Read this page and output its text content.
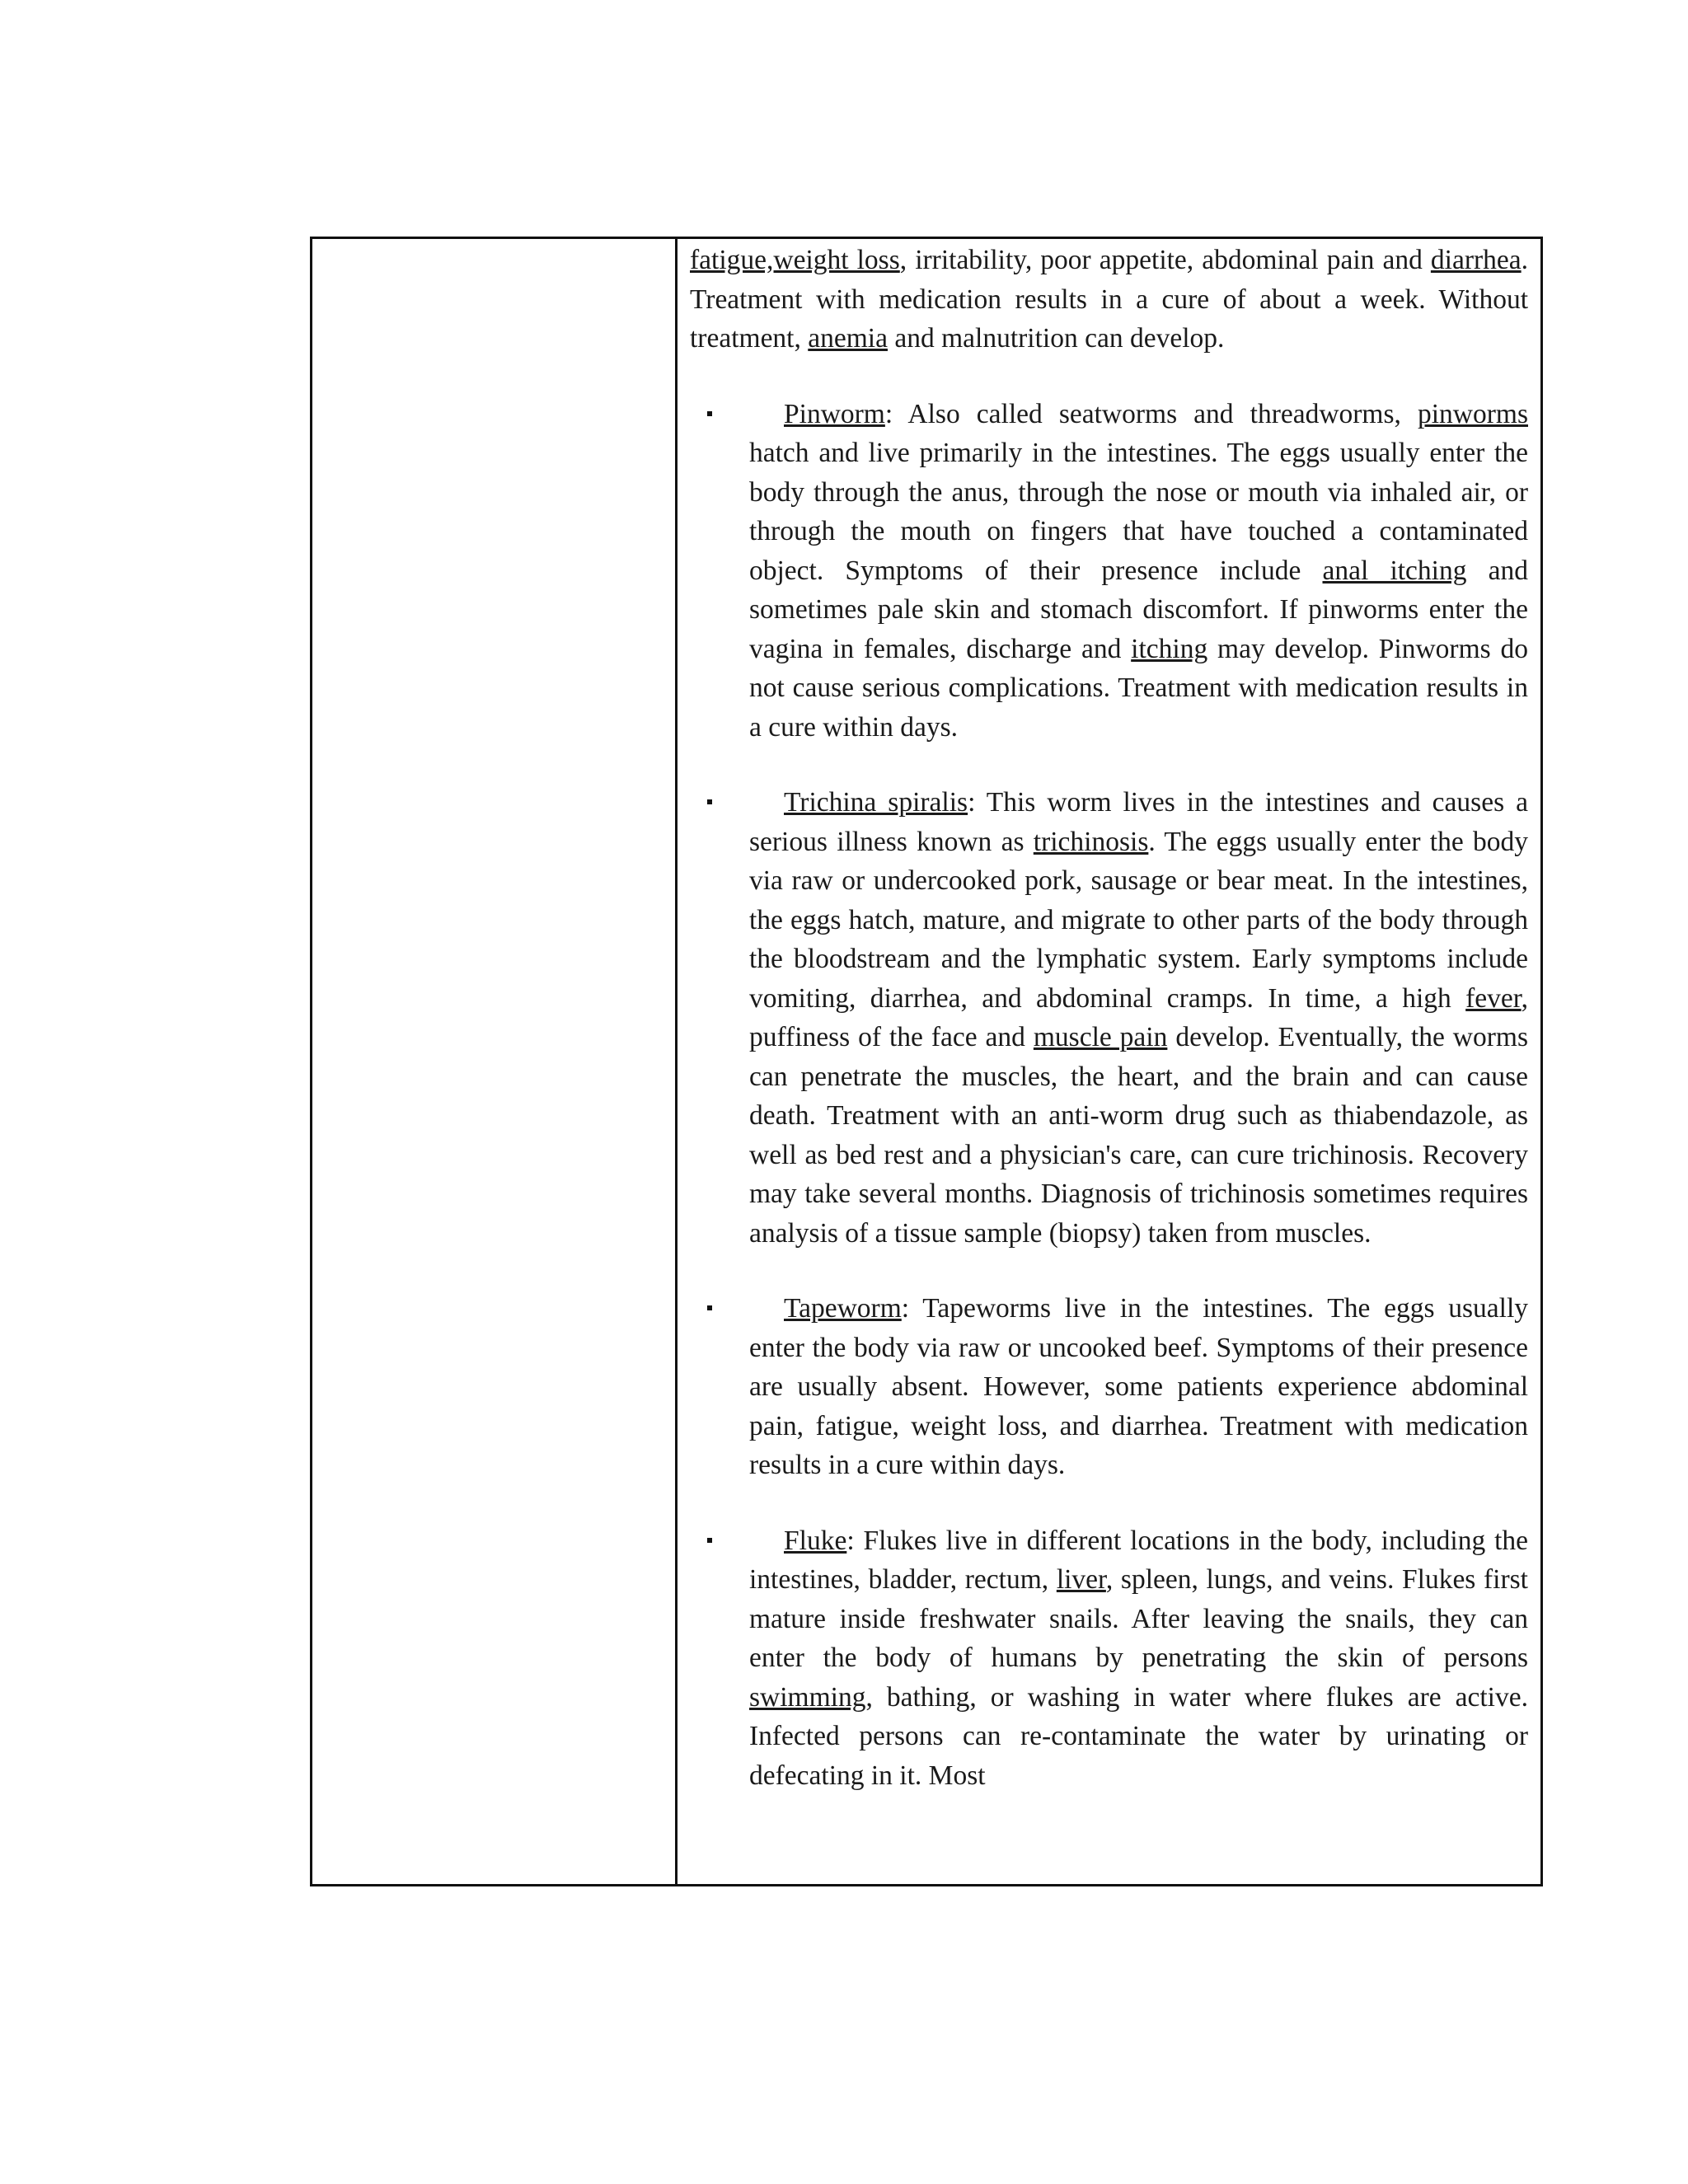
fatigue,weight loss, irritability, poor appetite, abdominal pain and diarrhea. Treatment with medication results in a cure of about a week. Without treatment, anemia and malnutrition can develop.

Pinworm: Also called seatworms and threadworms, pinworms hatch and live primarily in the intestines. The eggs usually enter the body through the anus, through the nose or mouth via inhaled air, or through the mouth on fingers that have touched a contaminated object. Symptoms of their presence include anal itching and sometimes pale skin and stomach discomfort. If pinworms enter the vagina in females, discharge and itching may develop. Pinworms do not cause serious complications. Treatment with medication results in a cure within days.

Trichina spiralis: This worm lives in the intestines and causes a serious illness known as trichinosis. The eggs usually enter the body via raw or undercooked pork, sausage or bear meat. In the intestines, the eggs hatch, mature, and migrate to other parts of the body through the bloodstream and the lymphatic system. Early symptoms include vomiting, diarrhea, and abdominal cramps. In time, a high fever, puffiness of the face and muscle pain develop. Eventually, the worms can penetrate the muscles, the heart, and the brain and can cause death. Treatment with an anti-worm drug such as thiabendazole, as well as bed rest and a physician's care, can cure trichinosis. Recovery may take several months. Diagnosis of trichinosis sometimes requires analysis of a tissue sample (biopsy) taken from muscles.

Tapeworm: Tapeworms live in the intestines. The eggs usually enter the body via raw or uncooked beef. Symptoms of their presence are usually absent. However, some patients experience abdominal pain, fatigue, weight loss, and diarrhea. Treatment with medication results in a cure within days.

Fluke: Flukes live in different locations in the body, including the intestines, bladder, rectum, liver, spleen, lungs, and veins. Flukes first mature inside freshwater snails. After leaving the snails, they can enter the body of humans by penetrating the skin of persons swimming, bathing, or washing in water where flukes are active. Infected persons can re-contaminate the water by urinating or defecating in it. Most
